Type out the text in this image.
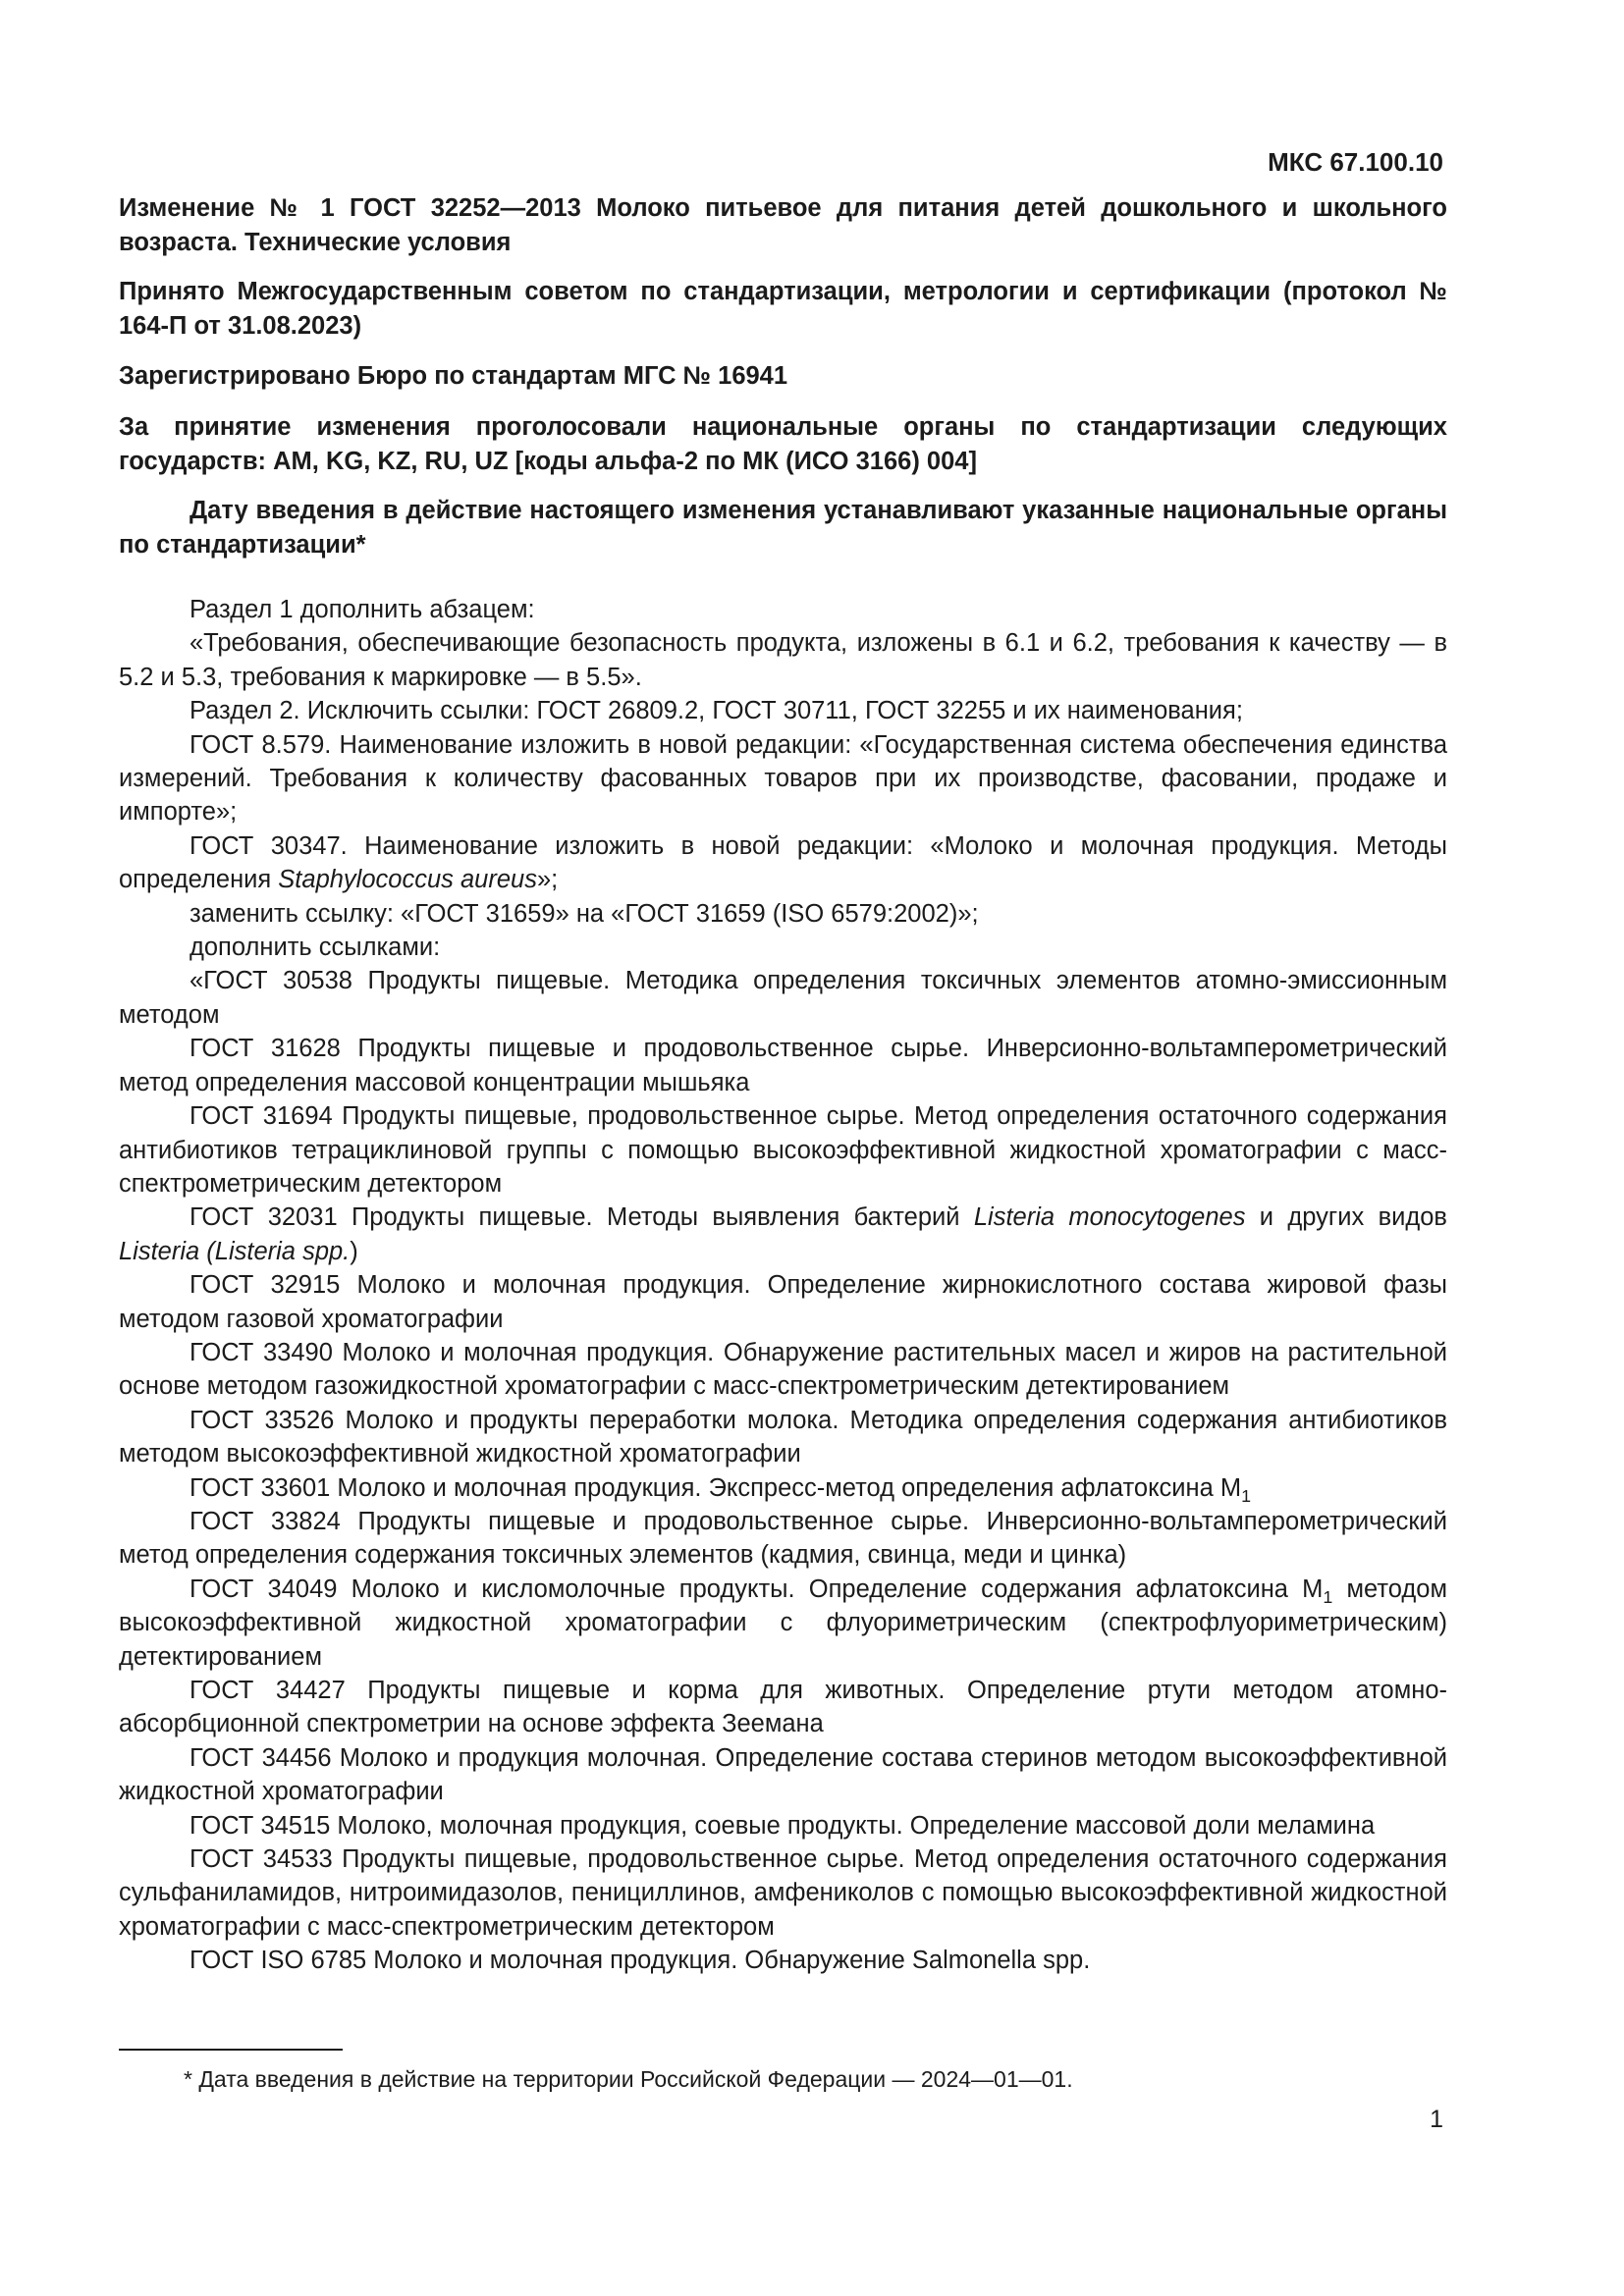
МКС 67.100.10

Изменение № 1 ГОСТ 32252—2013 Молоко питьевое для питания детей дошкольного и школьного возраста. Технические условия

Принято Межгосударственным советом по стандартизации, метрологии и сертификации (протокол № 164-П от 31.08.2023)

Зарегистрировано Бюро по стандартам МГС № 16941

За принятие изменения проголосовали национальные органы по стандартизации следующих государств: AM, KG, KZ, RU, UZ [коды альфа-2 по МК (ИСО 3166) 004]

Дату введения в действие настоящего изменения устанавливают указанные национальные органы по стандартизации*

Раздел 1 дополнить абзацем:

«Требования, обеспечивающие безопасность продукта, изложены в 6.1 и 6.2, требования к качеству — в 5.2 и 5.3, требования к маркировке — в 5.5».

Раздел 2. Исключить ссылки: ГОСТ 26809.2, ГОСТ 30711, ГОСТ 32255 и их наименования;

ГОСТ 8.579. Наименование изложить в новой редакции: «Государственная система обеспечения единства измерений. Требования к количеству фасованных товаров при их производстве, фасовании, продаже и импорте»;

ГОСТ 30347. Наименование изложить в новой редакции: «Молоко и молочная продукция. Методы определения Staphylococcus aureus»;

заменить ссылку: «ГОСТ 31659» на «ГОСТ 31659 (ISO 6579:2002)»;

дополнить ссылками:

«ГОСТ 30538 Продукты пищевые. Методика определения токсичных элементов атомно-эмиссионным методом

ГОСТ 31628 Продукты пищевые и продовольственное сырье. Инверсионно-вольтамперометрический метод определения массовой концентрации мышьяка

ГОСТ 31694 Продукты пищевые, продовольственное сырье. Метод определения остаточного содержания антибиотиков тетрациклиновой группы с помощью высокоэффективной жидкостной хроматографии с масс-спектрометрическим детектором

ГОСТ 32031 Продукты пищевые. Методы выявления бактерий Listeria monocytogenes и других видов Listeria (Listeria spp.)

ГОСТ 32915 Молоко и молочная продукция. Определение жирнокислотного состава жировой фазы методом газовой хроматографии

ГОСТ 33490 Молоко и молочная продукция. Обнаружение растительных масел и жиров на растительной основе методом газожидкостной хроматографии с масс-спектрометрическим детектированием

ГОСТ 33526 Молоко и продукты переработки молока. Методика определения содержания антибиотиков методом высокоэффективной жидкостной хроматографии

ГОСТ 33601 Молоко и молочная продукция. Экспресс-метод определения афлатоксина $М_1$

ГОСТ 33824 Продукты пищевые и продовольственное сырье. Инверсионно-вольтамперометрический метод определения содержания токсичных элементов (кадмия, свинца, меди и цинка)

ГОСТ 34049 Молоко и кисломолочные продукты. Определение содержания афлатоксина $М_1$ методом высокоэффективной жидкостной хроматографии с флуориметрическим (спектрофлуориметрическим) детектированием

ГОСТ 34427 Продукты пищевые и корма для животных. Определение ртути методом атомно-абсорбционной спектрометрии на основе эффекта Зеемана

ГОСТ 34456 Молоко и продукция молочная. Определение состава стеринов методом высокоэффективной жидкостной хроматографии

ГОСТ 34515 Молоко, молочная продукция, соевые продукты. Определение массовой доли меламина

ГОСТ 34533 Продукты пищевые, продовольственное сырье. Метод определения остаточного содержания сульфаниламидов, нитроимидазолов, пенициллинов, амфениколов с помощью высокоэффективной жидкостной хроматографии с масс-спектрометрическим детектором

ГОСТ ISO 6785 Молоко и молочная продукция. Обнаружение Salmonella spp.

* Дата введения в действие на территории Российской Федерации — 2024—01—01.
1
